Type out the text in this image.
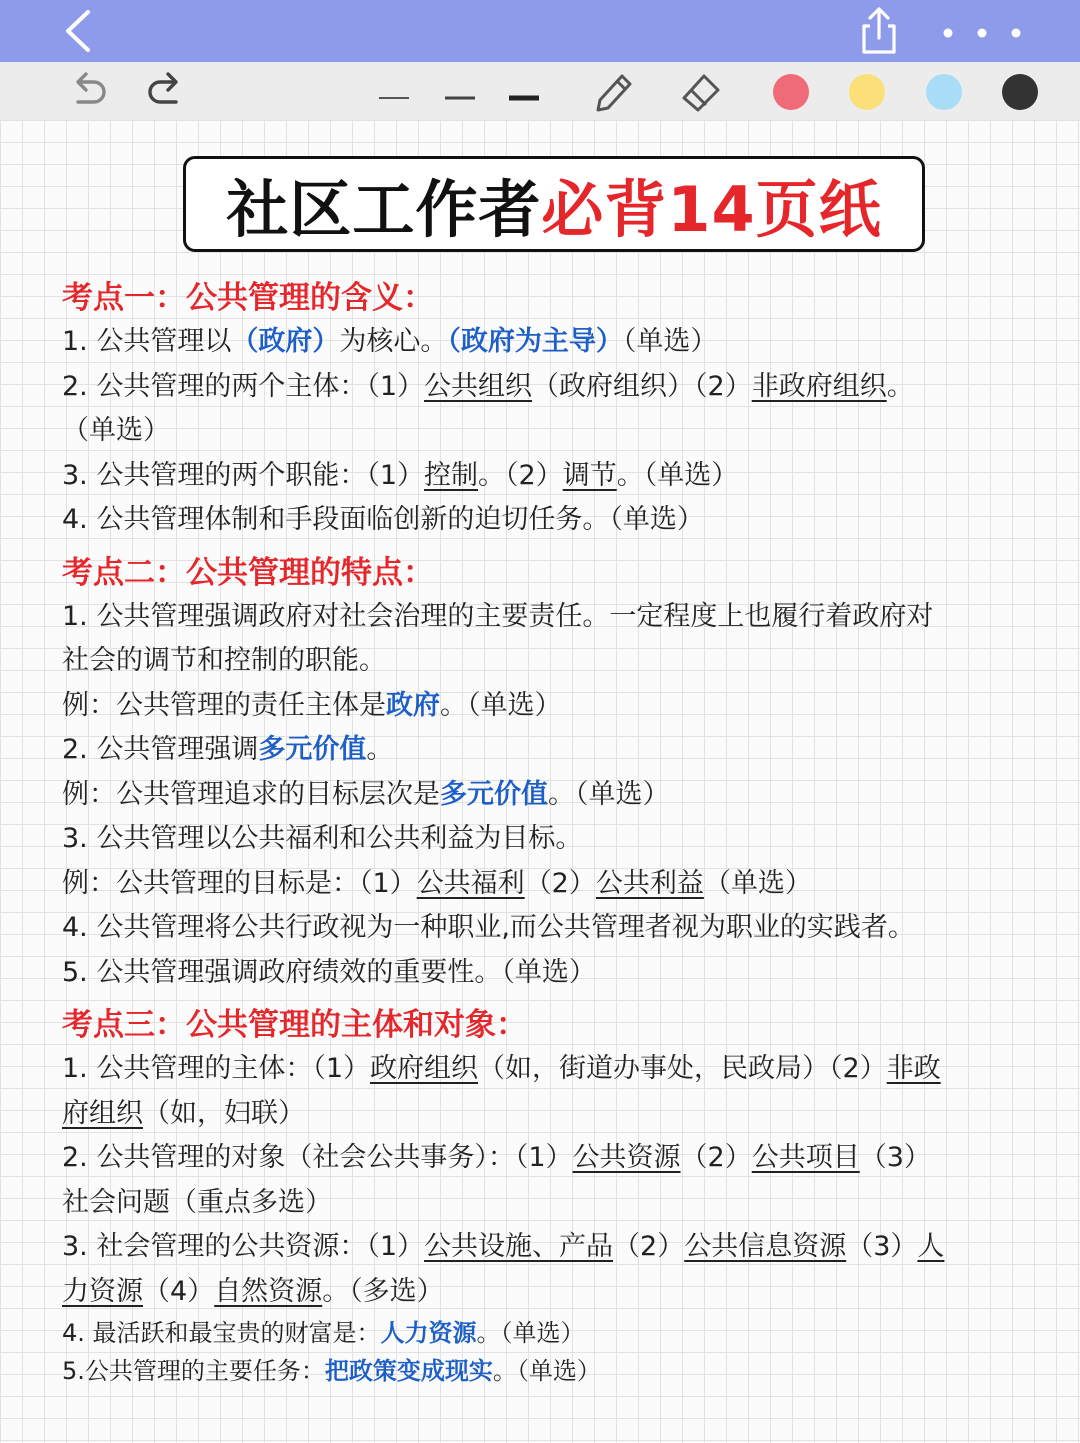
社区工作者 必背14页纸
考点一：公共管理的含义：
1. 公共管理以（政府）为核心。（政府为主导）（单选）
2. 公共管理的两个主体：（1）公共组织（政府组织）（2）非政府组织。
（单选）
3. 公共管理的两个职能：（1）控制。（2）调节。（单选）
4. 公共管理体制和手段面临创新的迫切任务。（单选）
考点二：公共管理的特点：
1. 公共管理强调政府对社会治理的主要责任。一定程度上也履行着政府对
社会的调节和控制的职能。
例：公共管理的责任主体是政府。（单选）
2. 公共管理强调多元价值。
例：公共管理追求的目标层次是多元价值。（单选）
3. 公共管理以公共福利和公共利益为目标。
例：公共管理的目标是：（1）公共福利（2）公共利益（单选）
4. 公共管理将公共行政视为一种职业,而公共管理者视为职业的实践者。
5. 公共管理强调政府绩效的重要性。（单选）
考点三：公共管理的主体和对象：
1. 公共管理的主体：（1）政府组织（如，街道办事处，民政局）（2）非政
府组织（如，妇联）
2. 公共管理的对象（社会公共事务）：（1）公共资源（2）公共项目（3）
社会问题（重点多选）
3. 社会管理的公共资源：（1）公共设施、产品（2）公共信息资源（3）人
力资源（4）自然资源。（多选）
4. 最活跃和最宝贵的财富是：人力资源。（单选）
5.公共管理的主要任务：把政策变成现实。（单选）
